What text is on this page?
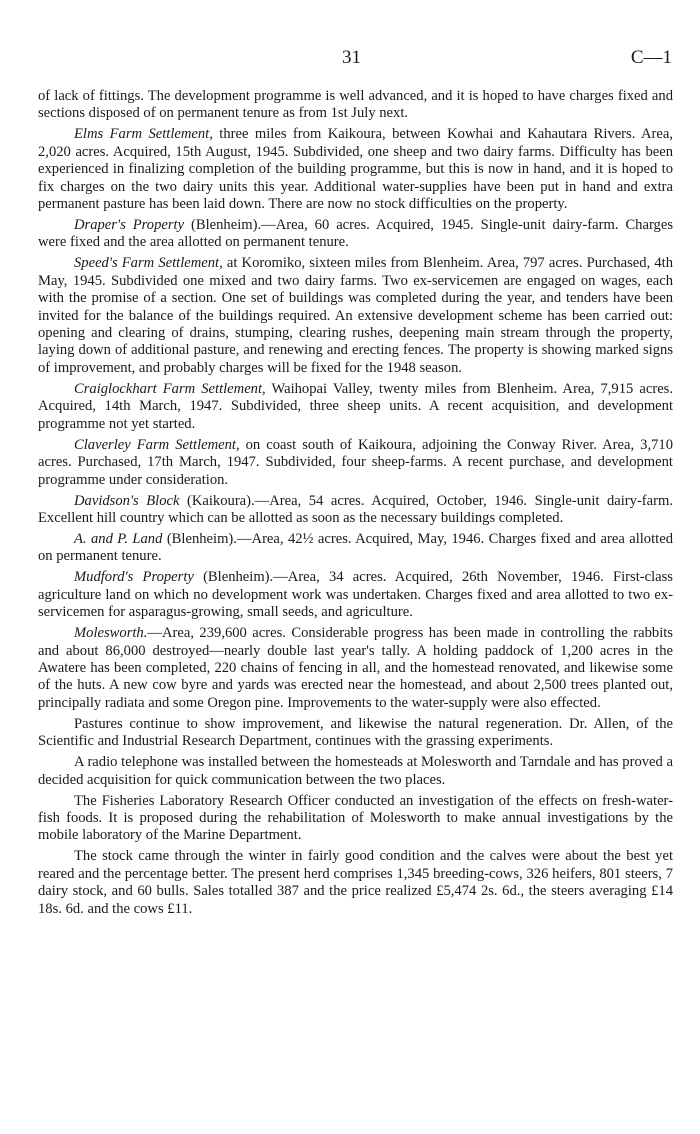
31	C—1

of lack of fittings. The development programme is well advanced, and it is hoped to have charges fixed and sections disposed of on permanent tenure as from 1st July next.

Elms Farm Settlement, three miles from Kaikoura, between Kowhai and Kahautara Rivers. Area, 2,020 acres. Acquired, 15th August, 1945. Subdivided, one sheep and two dairy farms. Difficulty has been experienced in finalizing completion of the building programme, but this is now in hand, and it is hoped to fix charges on the two dairy units this year. Additional water-supplies have been put in hand and extra permanent pasture has been laid down. There are now no stock difficulties on the property.

Draper's Property (Blenheim).—Area, 60 acres. Acquired, 1945. Single-unit dairy-farm. Charges were fixed and the area allotted on permanent tenure.

Speed's Farm Settlement, at Koromiko, sixteen miles from Blenheim. Area, 797 acres. Purchased, 4th May, 1945. Subdivided one mixed and two dairy farms. Two ex-servicemen are engaged on wages, each with the promise of a section. One set of buildings was completed during the year, and tenders have been invited for the balance of the buildings required. An extensive development scheme has been carried out: opening and clearing of drains, stumping, clearing rushes, deepening main stream through the property, laying down of additional pasture, and renewing and erecting fences. The property is showing marked signs of improvement, and probably charges will be fixed for the 1948 season.

Craiglockhart Farm Settlement, Waihopai Valley, twenty miles from Blenheim. Area, 7,915 acres. Acquired, 14th March, 1947. Subdivided, three sheep units. A recent acquisition, and development programme not yet started.

Claverley Farm Settlement, on coast south of Kaikoura, adjoining the Conway River. Area, 3,710 acres. Purchased, 17th March, 1947. Subdivided, four sheep-farms. A recent purchase, and development programme under consideration.

Davidson's Block (Kaikoura).—Area, 54 acres. Acquired, October, 1946. Single-unit dairy-farm. Excellent hill country which can be allotted as soon as the necessary buildings completed.

A. and P. Land (Blenheim).—Area, 42½ acres. Acquired, May, 1946. Charges fixed and area allotted on permanent tenure.

Mudford's Property (Blenheim).—Area, 34 acres. Acquired, 26th November, 1946. First-class agriculture land on which no development work was undertaken. Charges fixed and area allotted to two ex-servicemen for asparagus-growing, small seeds, and agriculture.

Molesworth.—Area, 239,600 acres. Considerable progress has been made in controlling the rabbits and about 86,000 destroyed—nearly double last year's tally. A holding paddock of 1,200 acres in the Awatere has been completed, 220 chains of fencing in all, and the homestead renovated, and likewise some of the huts. A new cow byre and yards was erected near the homestead, and about 2,500 trees planted out, principally radiata and some Oregon pine. Improvements to the water-supply were also effected.

Pastures continue to show improvement, and likewise the natural regeneration. Dr. Allen, of the Scientific and Industrial Research Department, continues with the grassing experiments.

A radio telephone was installed between the homesteads at Molesworth and Tarndale and has proved a decided acquisition for quick communication between the two places.

The Fisheries Laboratory Research Officer conducted an investigation of the effects on fresh-water-fish foods. It is proposed during the rehabilitation of Molesworth to make annual investigations by the mobile laboratory of the Marine Department.

The stock came through the winter in fairly good condition and the calves were about the best yet reared and the percentage better. The present herd comprises 1,345 breeding-cows, 326 heifers, 801 steers, 7 dairy stock, and 60 bulls. Sales totalled 387 and the price realized £5,474 2s. 6d., the steers averaging £14 18s. 6d. and the cows £11.
